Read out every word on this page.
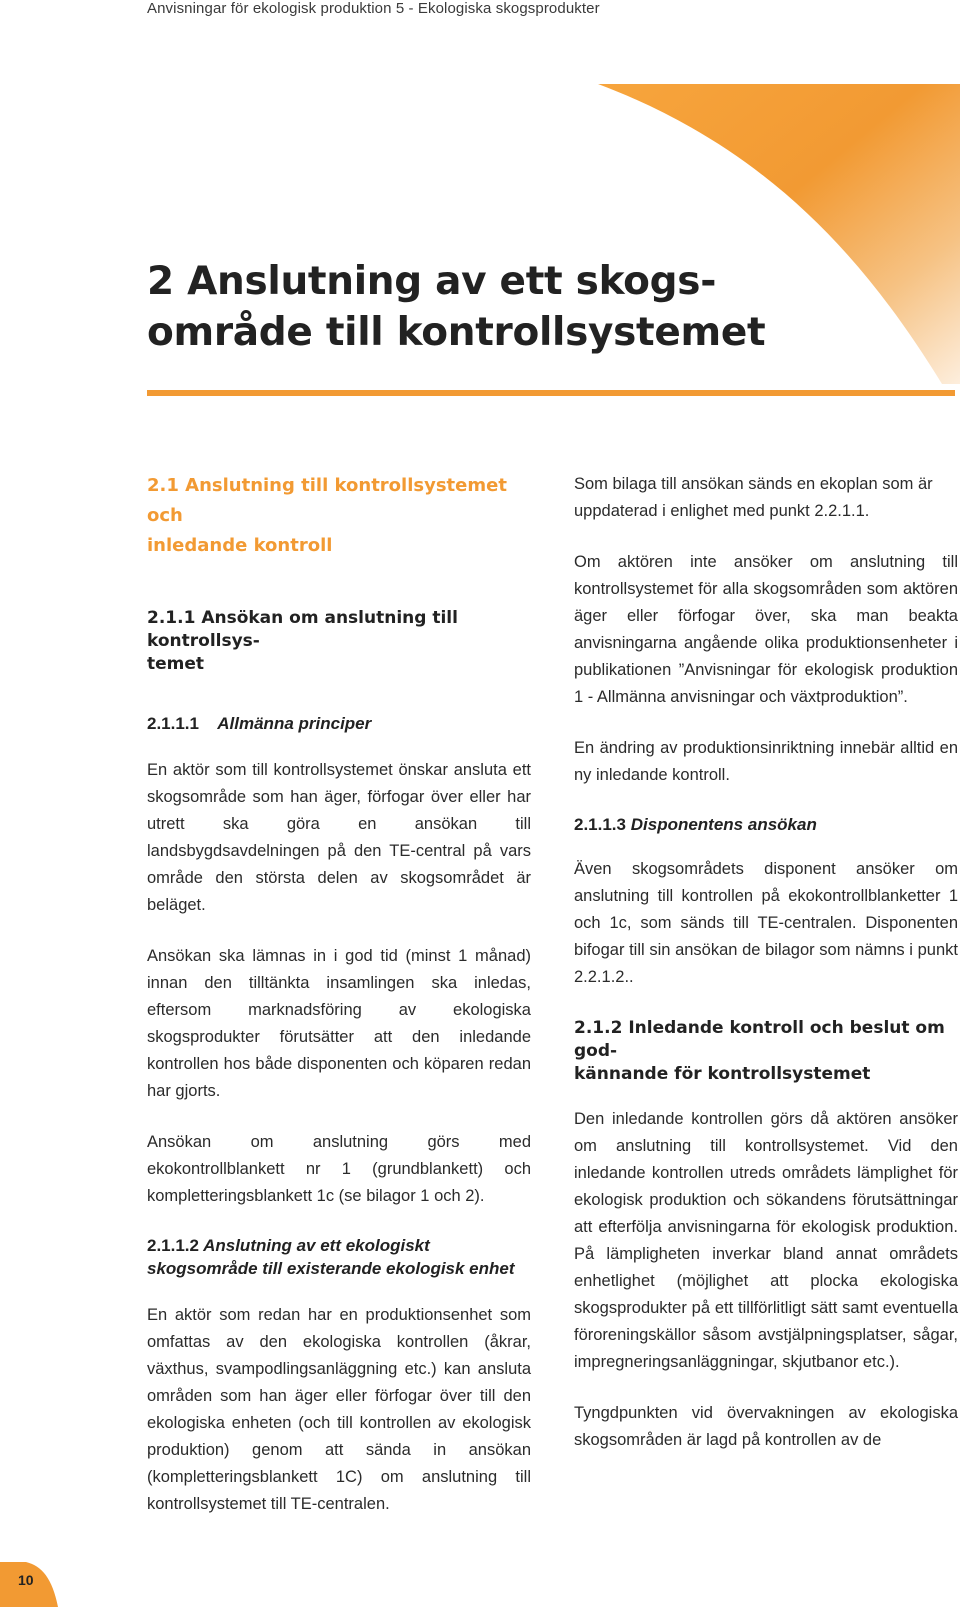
Anvisningar för ekologisk produktion 5 - Ekologiska skogsprodukter
2 Anslutning av ett skogs-
område till kontrollsystemet
2.1 Anslutning till kontrollsystemet och
inledande kontroll
2.1.1 Ansökan om anslutning till kontrollsys-
temet
2.1.1.1 Allmänna principer

En aktör som till kontrollsystemet önskar ansluta ett skogsområde som han äger, förfogar över eller har utrett ska göra en ansökan till landsbygdsavdelningen på den TE-central på vars område den största delen av skogsområdet är beläget.

Ansökan ska lämnas in i god tid (minst 1 månad) innan den tilltänkta insamlingen ska inledas, eftersom marknadsföring av ekologiska skogsprodukter förutsätter att den inledande kontrollen hos både disponenten och köparen redan har gjorts.

Ansökan om anslutning görs med ekokontrollblankett nr 1 (grundblankett) och kompletteringsblankett 1c (se bilagor 1 och 2).

2.1.1.2 Anslutning av ett ekologiskt skogsområde till existerande ekologisk enhet

En aktör som redan har en produktionsenhet som omfattas av den ekologiska kontrollen (åkrar, växthus, svampodlingsanläggning etc.) kan ansluta områden som han äger eller förfogar över till den ekologiska enheten (och till kontrollen av ekologisk produktion) genom att sända in ansökan (kompletteringsblankett 1C) om anslutning till kontrollsystemet till TE-centralen.

Som bilaga till ansökan sänds en ekoplan som är uppdaterad i enlighet med punkt 2.2.1.1.

Om aktören inte ansöker om anslutning till kontrollsystemet för alla skogsområden som aktören äger eller förfogar över, ska man beakta anvisningarna angående olika produktionsenheter i publikationen ”Anvisningar för ekologisk produktion 1 - Allmänna anvisningar och växtproduktion”.

En ändring av produktionsinriktning innebär alltid en ny inledande kontroll.

2.1.1.3 Disponentens ansökan

Även skogsområdets disponent ansöker om anslutning till kontrollen på ekokontrollblanketter 1 och 1c, som sänds till TE-centralen. Disponenten bifogar till sin ansökan de bilagor som nämns i punkt 2.2.1.2..

2.1.2 Inledande kontroll och beslut om god-
kännande för kontrollsystemet

Den inledande kontrollen görs då aktören ansöker om anslutning till kontrollsystemet. Vid den inledande kontrollen utreds områdets lämplighet för ekologisk produktion och sökandens förutsättningar att efterfölja anvisningarna för ekologisk produktion. På lämpligheten inverkar bland annat områdets enhetlighet (möjlighet att plocka ekologiska skogsprodukter på ett tillförlitligt sätt samt eventuella föroreningskällor såsom avstjälpningsplatser, sågar, impregneringsanläggningar, skjutbanor etc.).

Tyngdpunkten vid övervakningen av ekologiska skogsområden är lagd på kontrollen av de

10
